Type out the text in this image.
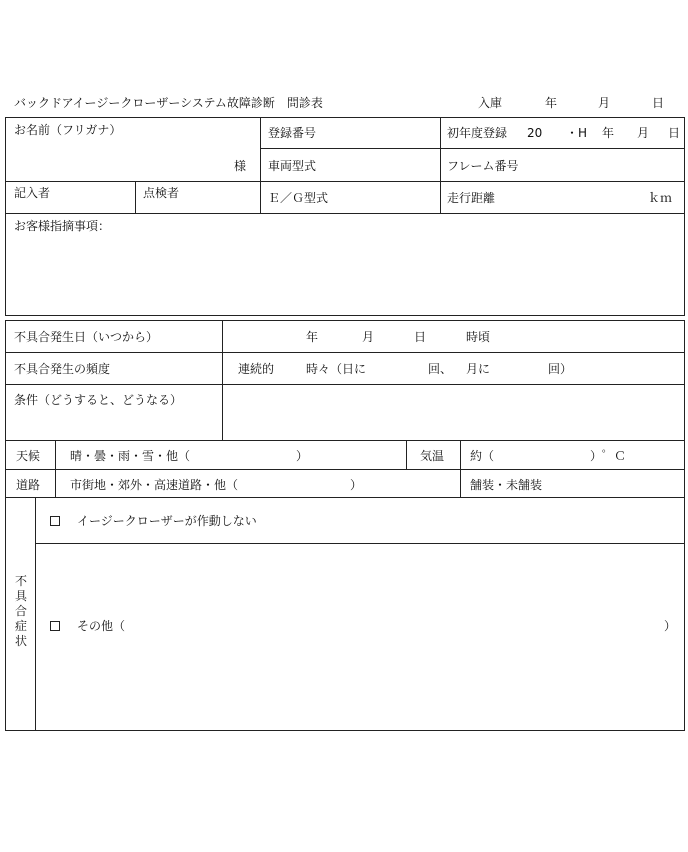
バックドアイージークローザーシステム故障診断　問診表	入庫	年	月	日
お名前（フリガナ）
様
登録番号	初年度登録 20 ・H 年 月 日
車両型式	フレーム番号
記入者	点検者	Ｅ／Ｇ型式	走行距離	ｋｍ
お客様指摘事項：
不具合発生日（いつから）	年	月	日	時頃
不具合発生の頻度	連続的	時々（日に	回、 月に	回）
条件（どうすると、どうなる）
天候 晴・曇・雨・雪・他（	）	気温 約（	）゜Ｃ
道路 市街地・郊外・高速道路・他（	）	舗装・未舗装
不具合症状
イージークローザーが作動しない
その他（	）
